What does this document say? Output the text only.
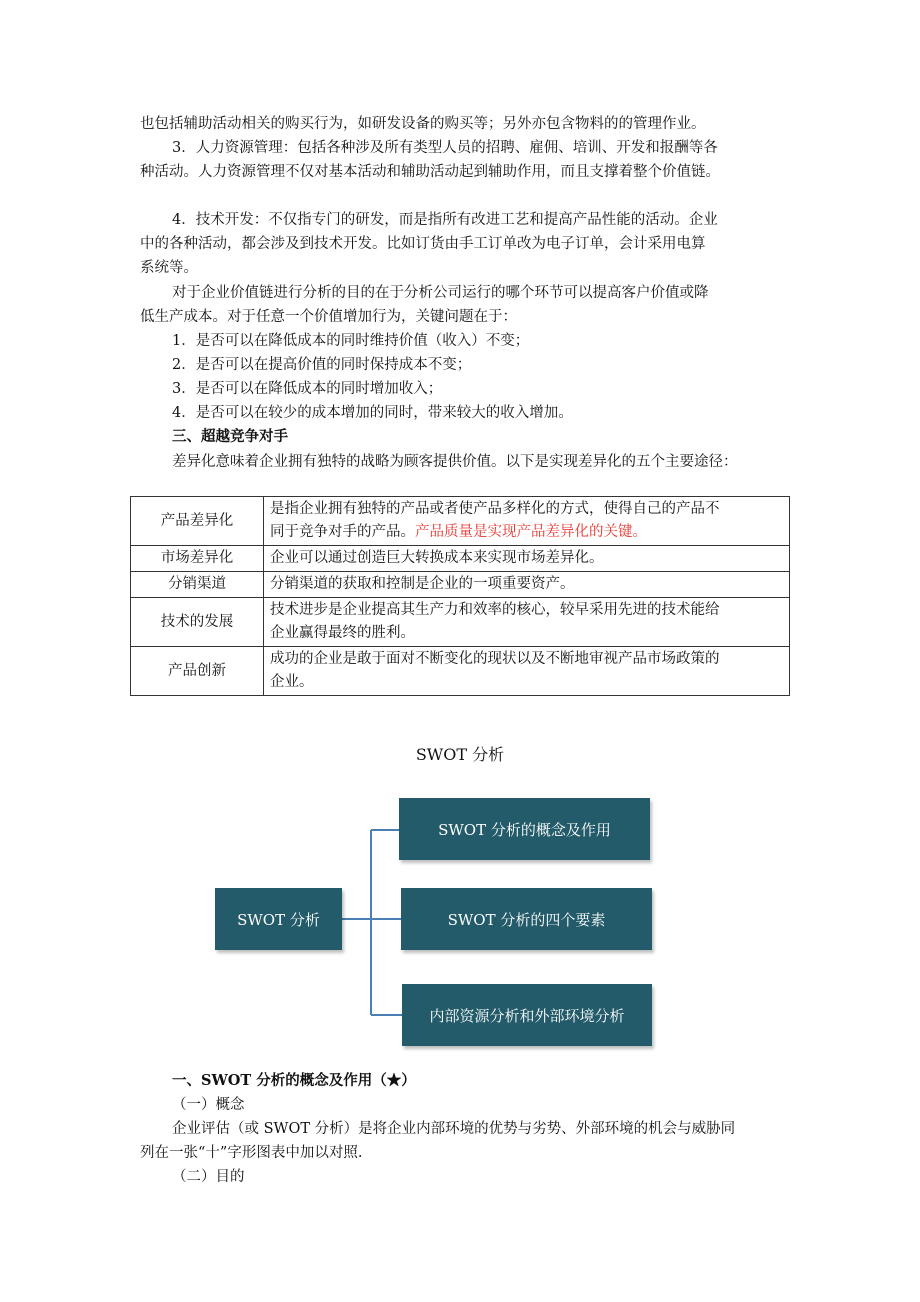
也包括辅助活动相关的购买行为，如研发设备的购买等；另外亦包含物料的的管理作业。
3．人力资源管理：包括各种涉及所有类型人员的招聘、雇佣、培训、开发和报酬等各
种活动。人力资源管理不仅对基本活动和辅助活动起到辅助作用，而且支撑着整个价值链。
4．技术开发：不仅指专门的研发，而是指所有改进工艺和提高产品性能的活动。企业
中的各种活动，都会涉及到技术开发。比如订货由手工订单改为电子订单，会计采用电算
系统等。
对于企业价值链进行分析的目的在于分析公司运行的哪个环节可以提高客户价值或降
低生产成本。对于任意一个价值增加行为，关键问题在于：
1．是否可以在降低成本的同时维持价值（收入）不变；
2．是否可以在提高价值的同时保持成本不变；
3．是否可以在降低成本的同时增加收入；
4．是否可以在较少的成本增加的同时，带来较大的收入增加。
三、超越竞争对手
差异化意味着企业拥有独特的战略为顾客提供价值。以下是实现差异化的五个主要途径：
产品差异化	是指企业拥有独特的产品或者使产品多样化的方式，使得自己的产品不
同于竞争对手的产品。产品质量是实现产品差异化的关键。

市场差异化	企业可以通过创造巨大转换成本来实现市场差异化。
分销渠道	分销渠道的获取和控制是企业的一项重要资产。
技术的发展	技术进步是企业提高其生产力和效率的核心，较早采用先进的技术能给
企业赢得最终的胜利。

产品创新	成功的企业是敢于面对不断变化的现状以及不断地审视产品市场政策的
企业。
SWOT 分析
SWOT 分析
SWOT 分析的概念及作用
SWOT 分析的四个要素
内部资源分析和外部环境分析
一、SWOT 分析的概念及作用（★）
（一）概念
企业评估（或 SWOT 分析）是将企业内部环境的优势与劣势、外部环境的机会与威胁同
列在一张“十”字形图表中加以对照.
（二）目的
